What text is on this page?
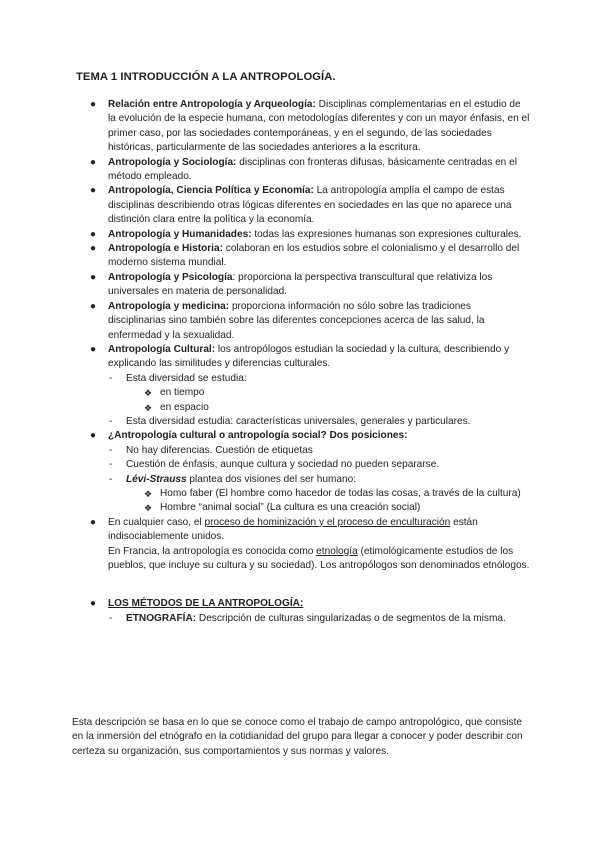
TEMA 1 INTRODUCCIÓN A LA ANTROPOLOGÍA.
● Relación entre Antropología y Arqueología: Disciplinas complementarias en el estudio de la evolución de la especie humana, con metodologías diferentes y con un mayor énfasis, en el primer caso, por las sociedades contemporáneas, y en el segundo, de las sociedades históricas, particularmente de las sociedades anteriores a la escritura.
● Antropología y Sociología: disciplinas con fronteras difusas, básicamente centradas en el método empleado.
● Antropología, Ciencia Política y Economía: La antropología amplía el campo de estas disciplinas describiendo otras lógicas diferentes en sociedades en las que no aparece una distinción clara entre la política y la economía.
● Antropología y Humanidades: todas las expresiones humanas son expresiones culturales.
● Antropología e Historia: colaboran en los estudios sobre el colonialismo y el desarrollo del moderno sistema mundial.
● Antropología y Psicología: proporciona la perspectiva transcultural que relativiza los universales en materia de personalidad.
● Antropología y medicina: proporciona información no sólo sobre las tradiciones disciplinarias sino también sobre las diferentes concepciones acerca de las salud, la enfermedad y la sexualidad.
● Antropología Cultural: los antropólogos estudian la sociedad y la cultura, describiendo y explicando las similitudes y diferencias culturales.
- Esta diversidad se estudia:
❖ en tiempo
❖ en espacio
- Esta diversidad estudia: características universales, generales y particulares.
● ¿Antropología cultural o antropología social? Dos posiciones:
- No hay diferencias. Cuestión de etiquetas
- Cuestión de énfasis, aunque cultura y sociedad no pueden separarse.
- Lévi-Strauss plantea dos visiones del ser humano:
❖ Homo faber (El hombre como hacedor de todas las cosas, a través de la cultura)
❖ Hombre “animal social” (La cultura es una creación social)
● En cualquier caso, el proceso de hominización y el proceso de enculturación están indisociablemente unidos.
En Francia, la antropología es conocida como etnología (etimológicamente estudios de los pueblos, que incluye su cultura y su sociedad). Los antropólogos son denominados etnólogos.
● LOS MÉTODOS DE LA ANTROPOLOGÍA:
- ETNOGRAFÍA: Descripción de culturas singularizadas o de segmentos de la misma.
Esta descripción se basa en lo que se conoce como el trabajo de campo antropológico, que consiste en la inmersión del etnógrafo en la cotidianidad del grupo para llegar a conocer y poder describir con certeza su organización, sus comportamientos y sus normas y valores.
